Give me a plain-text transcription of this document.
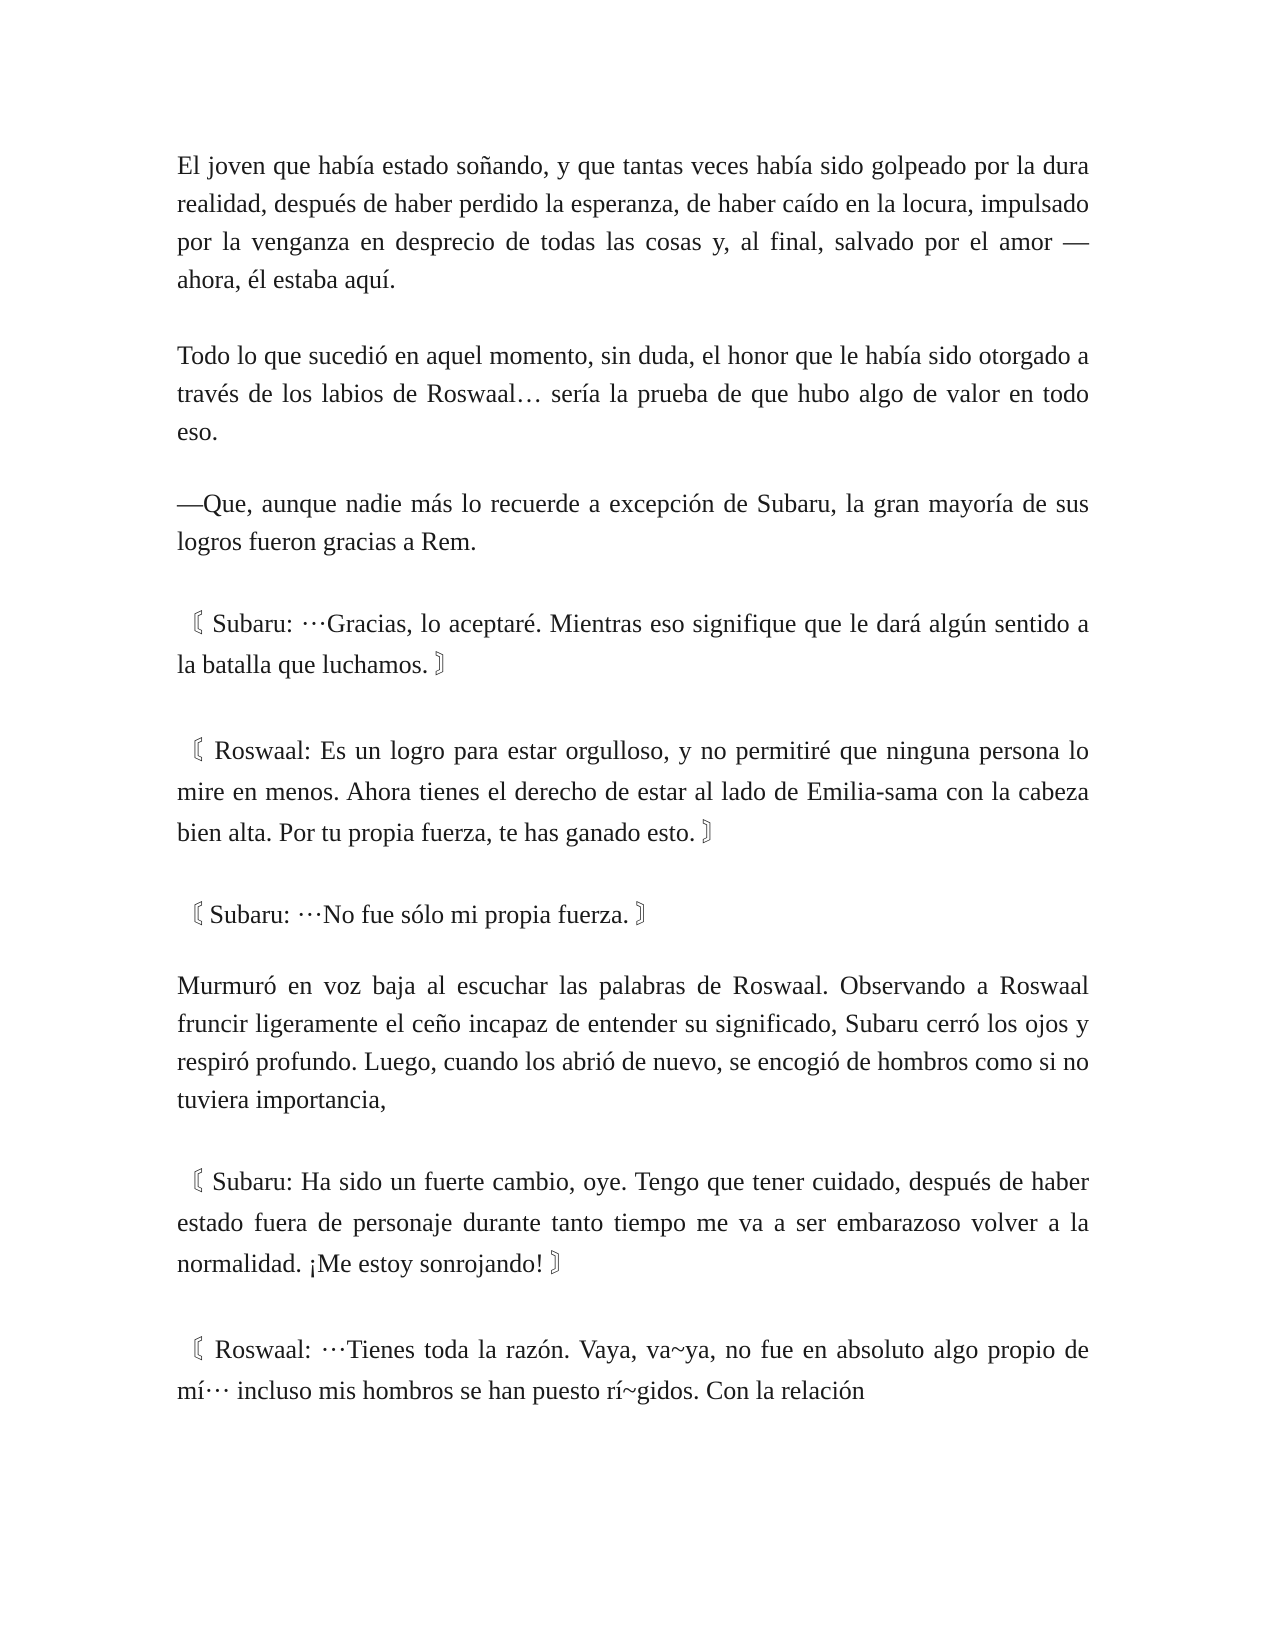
El joven que había estado soñando, y que tantas veces había sido golpeado por la dura realidad, después de haber perdido la esperanza, de haber caído en la locura, impulsado por la venganza en desprecio de todas las cosas y, al final, salvado por el amor — ahora, él estaba aquí.

Todo lo que sucedió en aquel momento, sin duda, el honor que le había sido otorgado a través de los labios de Roswaal… sería la prueba de que hubo algo de valor en todo eso.

—Que, aunque nadie más lo recuerde a excepción de Subaru, la gran mayoría de sus logros fueron gracias a Rem.

〘 Subaru: ···Gracias, lo aceptaré. Mientras eso signifique que le dará algún sentido a la batalla que luchamos. 〙

〘 Roswaal: Es un logro para estar orgulloso, y no permitiré que ninguna persona lo mire en menos. Ahora tienes el derecho de estar al lado de Emilia-sama con la cabeza bien alta. Por tu propia fuerza, te has ganado esto. 〙

〘 Subaru: ···No fue sólo mi propia fuerza. 〙

Murmuró en voz baja al escuchar las palabras de Roswaal. Observando a Roswaal fruncir ligeramente el ceño incapaz de entender su significado, Subaru cerró los ojos y respiró profundo. Luego, cuando los abrió de nuevo, se encogió de hombros como si no tuviera importancia,

〘 Subaru: Ha sido un fuerte cambio, oye. Tengo que tener cuidado, después de haber estado fuera de personaje durante tanto tiempo me va a ser embarazoso volver a la normalidad. ¡Me estoy sonrojando! 〙

〘 Roswaal: ···Tienes toda la razón. Vaya, va~ya, no fue en absoluto algo propio de mí··· incluso mis hombros se han puesto rí~gidos. Con la relación
